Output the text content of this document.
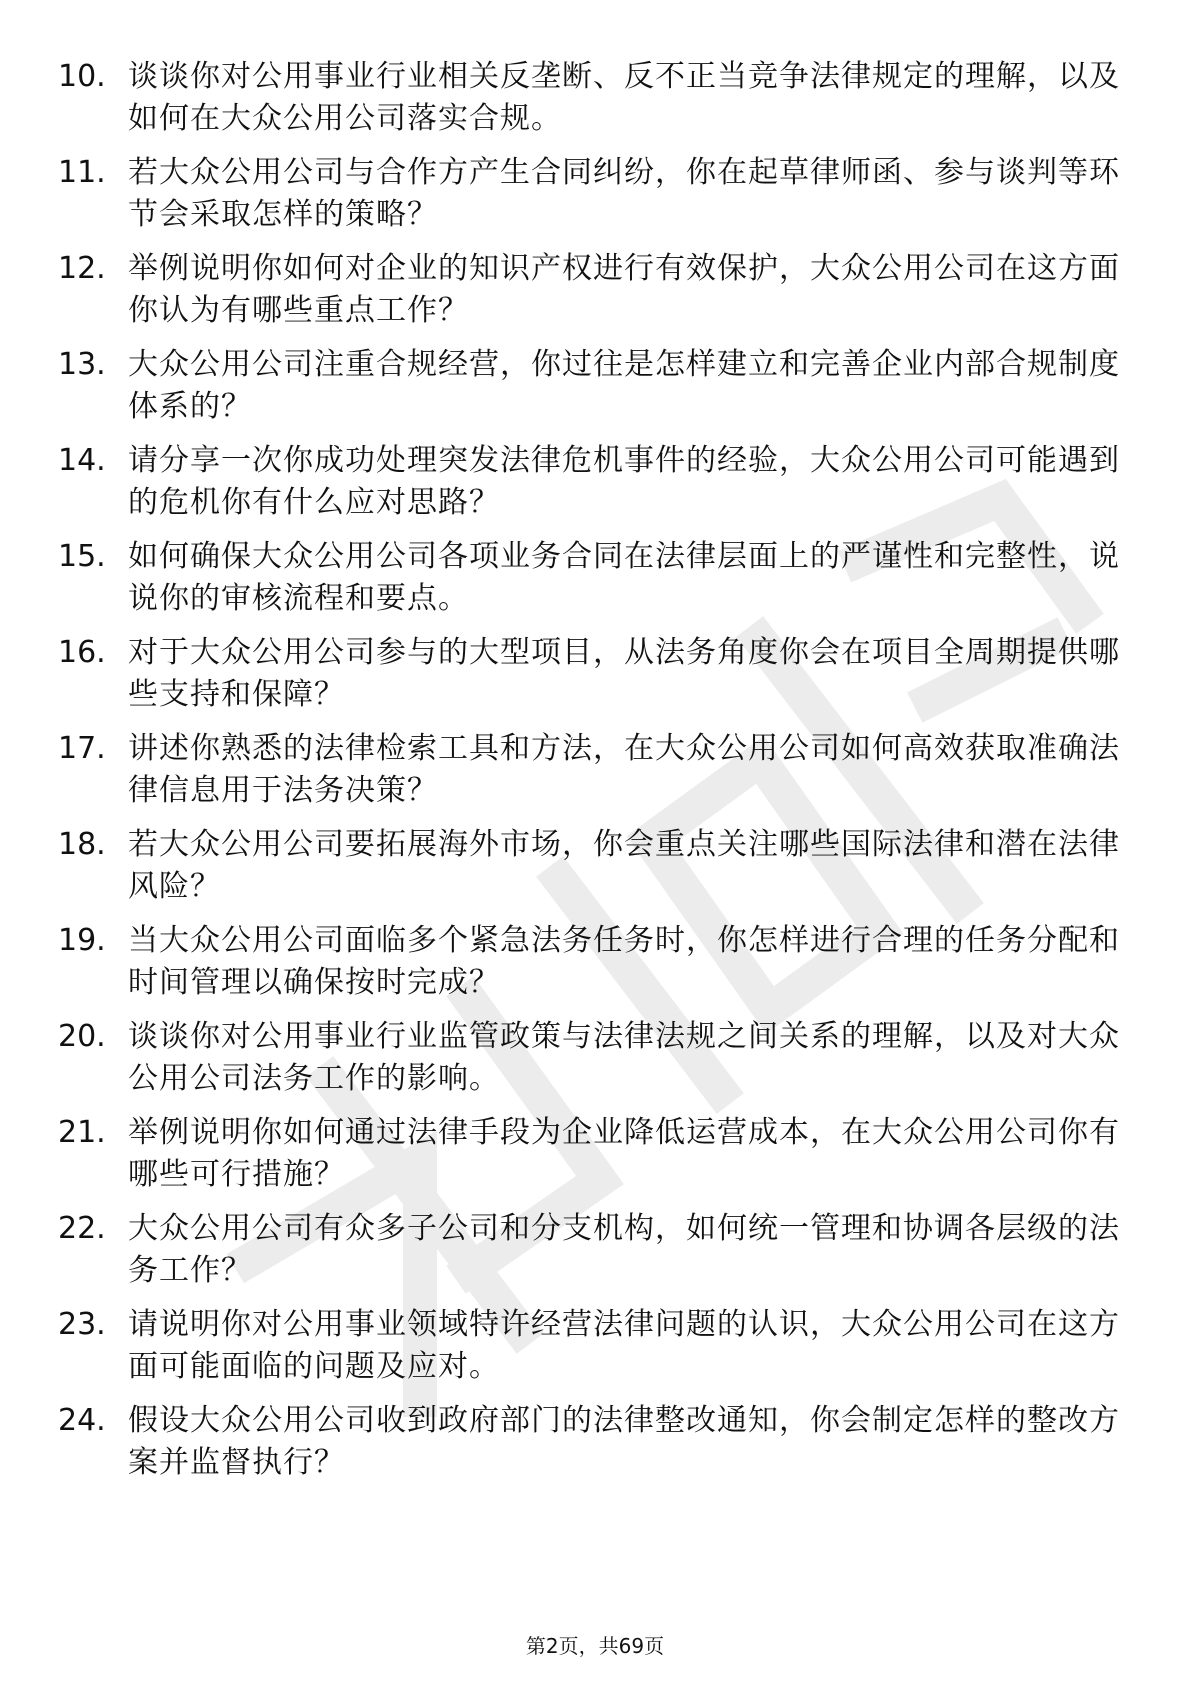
10. 谈谈你对公用事业行业相关反垄断、反不正当竞争法律规定的理解，以及如何在大众公用公司落实合规。
11. 若大众公用公司与合作方产生合同纠纷，你在起草律师函、参与谈判等环节会采取怎样的策略？
12. 举例说明你如何对企业的知识产权进行有效保护，大众公用公司在这方面你认为有哪些重点工作？
13. 大众公用公司注重合规经营，你过往是怎样建立和完善企业内部合规制度体系的？
14. 请分享一次你成功处理突发法律危机事件的经验，大众公用公司可能遇到的危机你有什么应对思路？
15. 如何确保大众公用公司各项业务合同在法律层面上的严谨性和完整性，说说你的审核流程和要点。
16. 对于大众公用公司参与的大型项目，从法务角度你会在项目全周期提供哪些支持和保障？
17. 讲述你熟悉的法律检索工具和方法，在大众公用公司如何高效获取准确法律信息用于法务决策？
18. 若大众公用公司要拓展海外市场，你会重点关注哪些国际法律和潜在法律风险？
19. 当大众公用公司面临多个紧急法务任务时，你怎样进行合理的任务分配和时间管理以确保按时完成？
20. 谈谈你对公用事业行业监管政策与法律法规之间关系的理解，以及对大众公用公司法务工作的影响。
21. 举例说明你如何通过法律手段为企业降低运营成本，在大众公用公司你有哪些可行措施？
22. 大众公用公司有众多子公司和分支机构，如何统一管理和协调各层级的法务工作？
23. 请说明你对公用事业领域特许经营法律问题的认识，大众公用公司在这方面可能面临的问题及应对。
24. 假设大众公用公司收到政府部门的法律整改通知，你会制定怎样的整改方案并监督执行？
第2页，共69页
